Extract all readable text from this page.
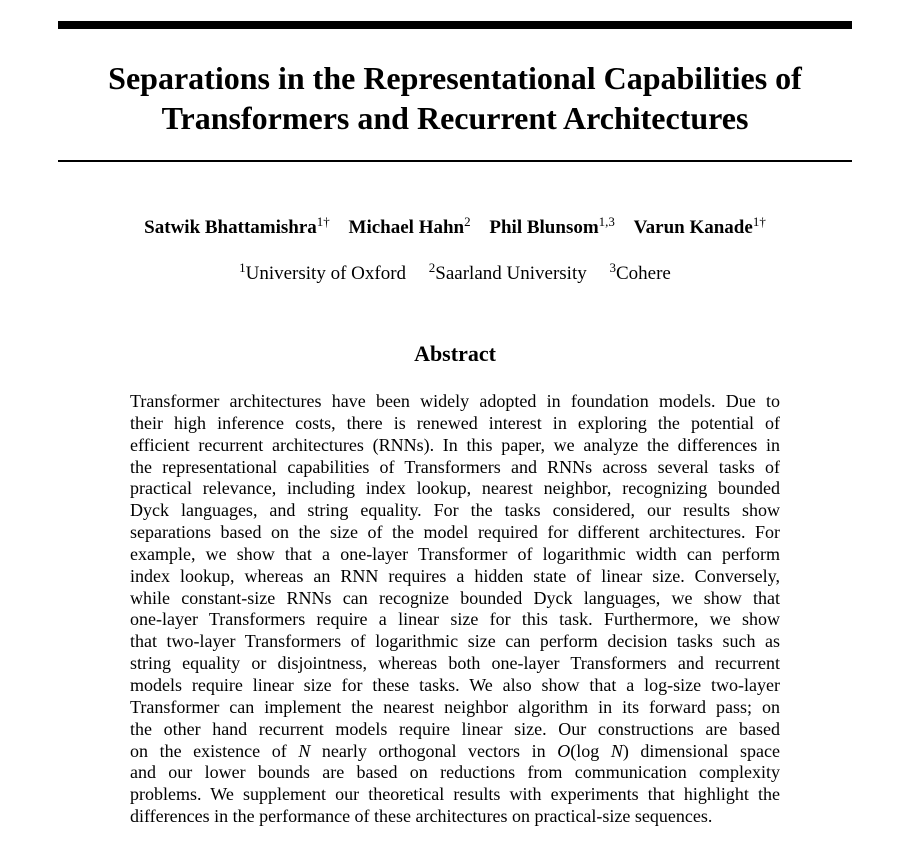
Separations in the Representational Capabilities of
Transformers and Recurrent Architectures
Satwik Bhattamishra$^{1\dagger}$ Michael Hahn$^2$ Phil Blunsom$^{1,3}$ Varun Kanade$^{1\dagger}$
$^1$University of Oxford $^2$Saarland University $^3$Cohere
Abstract
Transformer architectures have been widely adopted in foundation models. Due to
their high inference costs, there is renewed interest in exploring the potential of
efficient recurrent architectures (RNNs). In this paper, we analyze the differences in
the representational capabilities of Transformers and RNNs across several tasks of
practical relevance, including index lookup, nearest neighbor, recognizing bounded
Dyck languages, and string equality. For the tasks considered, our results show
separations based on the size of the model required for different architectures. For
example, we show that a one-layer Transformer of logarithmic width can perform
index lookup, whereas an RNN requires a hidden state of linear size. Conversely,
while constant-size RNNs can recognize bounded Dyck languages, we show that
one-layer Transformers require a linear size for this task. Furthermore, we show
that two-layer Transformers of logarithmic size can perform decision tasks such as
string equality or disjointness, whereas both one-layer Transformers and recurrent
models require linear size for these tasks. We also show that a log-size two-layer
Transformer can implement the nearest neighbor algorithm in its forward pass; on
the other hand recurrent models require linear size. Our constructions are based
on the existence of N nearly orthogonal vectors in O(log N) dimensional space
and our lower bounds are based on reductions from communication complexity
problems. We supplement our theoretical results with experiments that highlight the
differences in the performance of these architectures on practical-size sequences.
